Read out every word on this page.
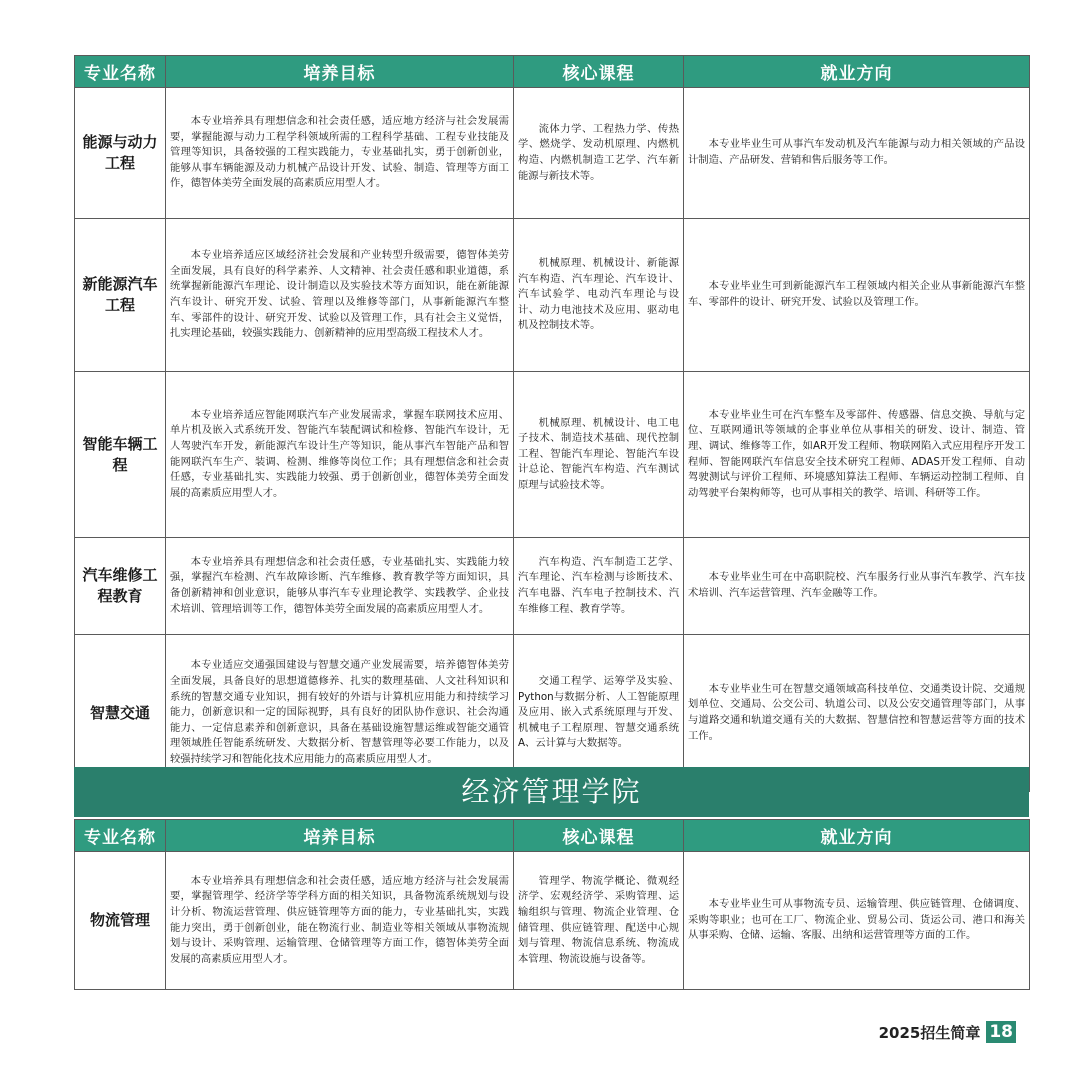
专业名称	培养目标	核心课程	就业方向
能源与动力工程	本专业培养具有理想信念和社会责任感，适应地方经济与社会发展需要，掌握能源与动力工程学科领域所需的工程科学基础、工程专业技能及管理等知识，具备较强的工程实践能力，专业基础扎实，勇于创新创业，能够从事车辆能源及动力机械产品设计开发、试验、制造、管理等方面工作，德智体美劳全面发展的高素质应用型人才。	流体力学、工程热力学、传热学、燃烧学、发动机原理、内燃机构造、内燃机制造工艺学、汽车新能源与新技术等。	本专业毕业生可从事汽车发动机及汽车能源与动力相关领域的产品设计制造、产品研发、营销和售后服务等工作。

新能源汽车工程	本专业培养适应区域经济社会发展和产业转型升级需要，德智体美劳全面发展，具有良好的科学素养、人文精神、社会责任感和职业道德，系统掌握新能源汽车理论、设计制造以及实验技术等方面知识，能在新能源汽车设计、研究开发、试验、管理以及维修等部门，从事新能源汽车整车、零部件的设计、研究开发、试验以及管理工作，具有社会主义觉悟，扎实理论基础，较强实践能力、创新精神的应用型高级工程技术人才。	机械原理、机械设计、新能源汽车构造、汽车理论、汽车设计、汽车试验学、电动汽车理论与设计、动力电池技术及应用、驱动电机及控制技术等。	本专业毕业生可到新能源汽车工程领域内相关企业从事新能源汽车整车、零部件的设计、研究开发、试验以及管理工作。

智能车辆工程	本专业培养适应智能网联汽车产业发展需求，掌握车联网技术应用、单片机及嵌入式系统开发、智能汽车装配调试和检修、智能汽车设计，无人驾驶汽车开发，新能源汽车设计生产等知识，能从事汽车智能产品和智能网联汽车生产、装调、检测、维修等岗位工作；具有理想信念和社会责任感，专业基础扎实、实践能力较强、勇于创新创业，德智体美劳全面发展的高素质应用型人才。	机械原理、机械设计、电工电子技术、制造技术基础、现代控制工程、智能汽车理论、智能汽车设计总论、智能汽车构造、汽车测试原理与试验技术等。	本专业毕业生可在汽车整车及零部件、传感器、信息交换、导航与定位、互联网通讯等领域的企事业单位从事相关的研发、设计、制造、管理、调试、维修等工作，如AR开发工程师、物联网陷入式应用程序开发工程师、智能网联汽车信息安全技术研究工程师、ADAS开发工程师、自动驾驶测试与评价工程师、环境感知算法工程师、车辆运动控制工程师、自动驾驶平台架构师等，也可从事相关的教学、培训、科研等工作。

汽车维修工程教育	本专业培养具有理想信念和社会责任感，专业基础扎实、实践能力较强，掌握汽车检测、汽车故障诊断、汽车维修、教育教学等方面知识，具备创新精神和创业意识，能够从事汽车专业理论教学、实践教学、企业技术培训、管理培训等工作，德智体美劳全面发展的高素质应用型人才。	汽车构造、汽车制造工艺学、汽车理论、汽车检测与诊断技术、汽车电器、汽车电子控制技术、汽车维修工程、教育学等。	本专业毕业生可在中高职院校、汽车服务行业从事汽车教学、汽车技术培训、汽车运营管理、汽车金融等工作。

智慧交通	本专业适应交通强国建设与智慧交通产业发展需要，培养德智体美劳全面发展，具备良好的思想道德修养、扎实的数理基础、人文社科知识和系统的智慧交通专业知识，拥有较好的外语与计算机应用能力和持续学习能力，创新意识和一定的国际视野，具有良好的团队协作意识、社会沟通能力、一定信息素养和创新意识，具备在基础设施智慧运维或智能交通管理领域胜任智能系统研发、大数据分析、智慧管理等必要工作能力，以及较强持续学习和智能化技术应用能力的高素质应用型人才。	交通工程学、运筹学及实验、Python与数据分析、人工智能原理及应用、嵌入式系统原理与开发、机械电子工程原理、智慧交通系统A、云计算与大数据等。	本专业毕业生可在智慧交通领域高科技单位、交通类设计院、交通规划单位、交通局、公交公司、轨道公司、以及公安交通管理等部门，从事与道路交通和轨道交通有关的大数据、智慧信控和智慧运营等方面的技术工作。
经济管理学院
专业名称	培养目标	核心课程	就业方向
物流管理	本专业培养具有理想信念和社会责任感，适应地方经济与社会发展需要，掌握管理学、经济学等学科方面的相关知识，具备物流系统规划与设计分析、物流运营管理、供应链管理等方面的能力，专业基础扎实，实践能力突出，勇于创新创业，能在物流行业、制造业等相关领域从事物流规划与设计、采购管理、运输管理、仓储管理等方面工作，德智体美劳全面发展的高素质应用型人才。	管理学、物流学概论、微观经济学、宏观经济学、采购管理、运输组织与管理、物流企业管理、仓储管理、供应链管理、配送中心规划与管理、物流信息系统、物流成本管理、物流设施与设备等。	本专业毕业生可从事物流专员、运输管理、供应链管理、仓储调度、采购等职业；也可在工厂、物流企业、贸易公司、货运公司、港口和海关从事采购、仓储、运输、客服、出纳和运营管理等方面的工作。
2025招生简章 18
